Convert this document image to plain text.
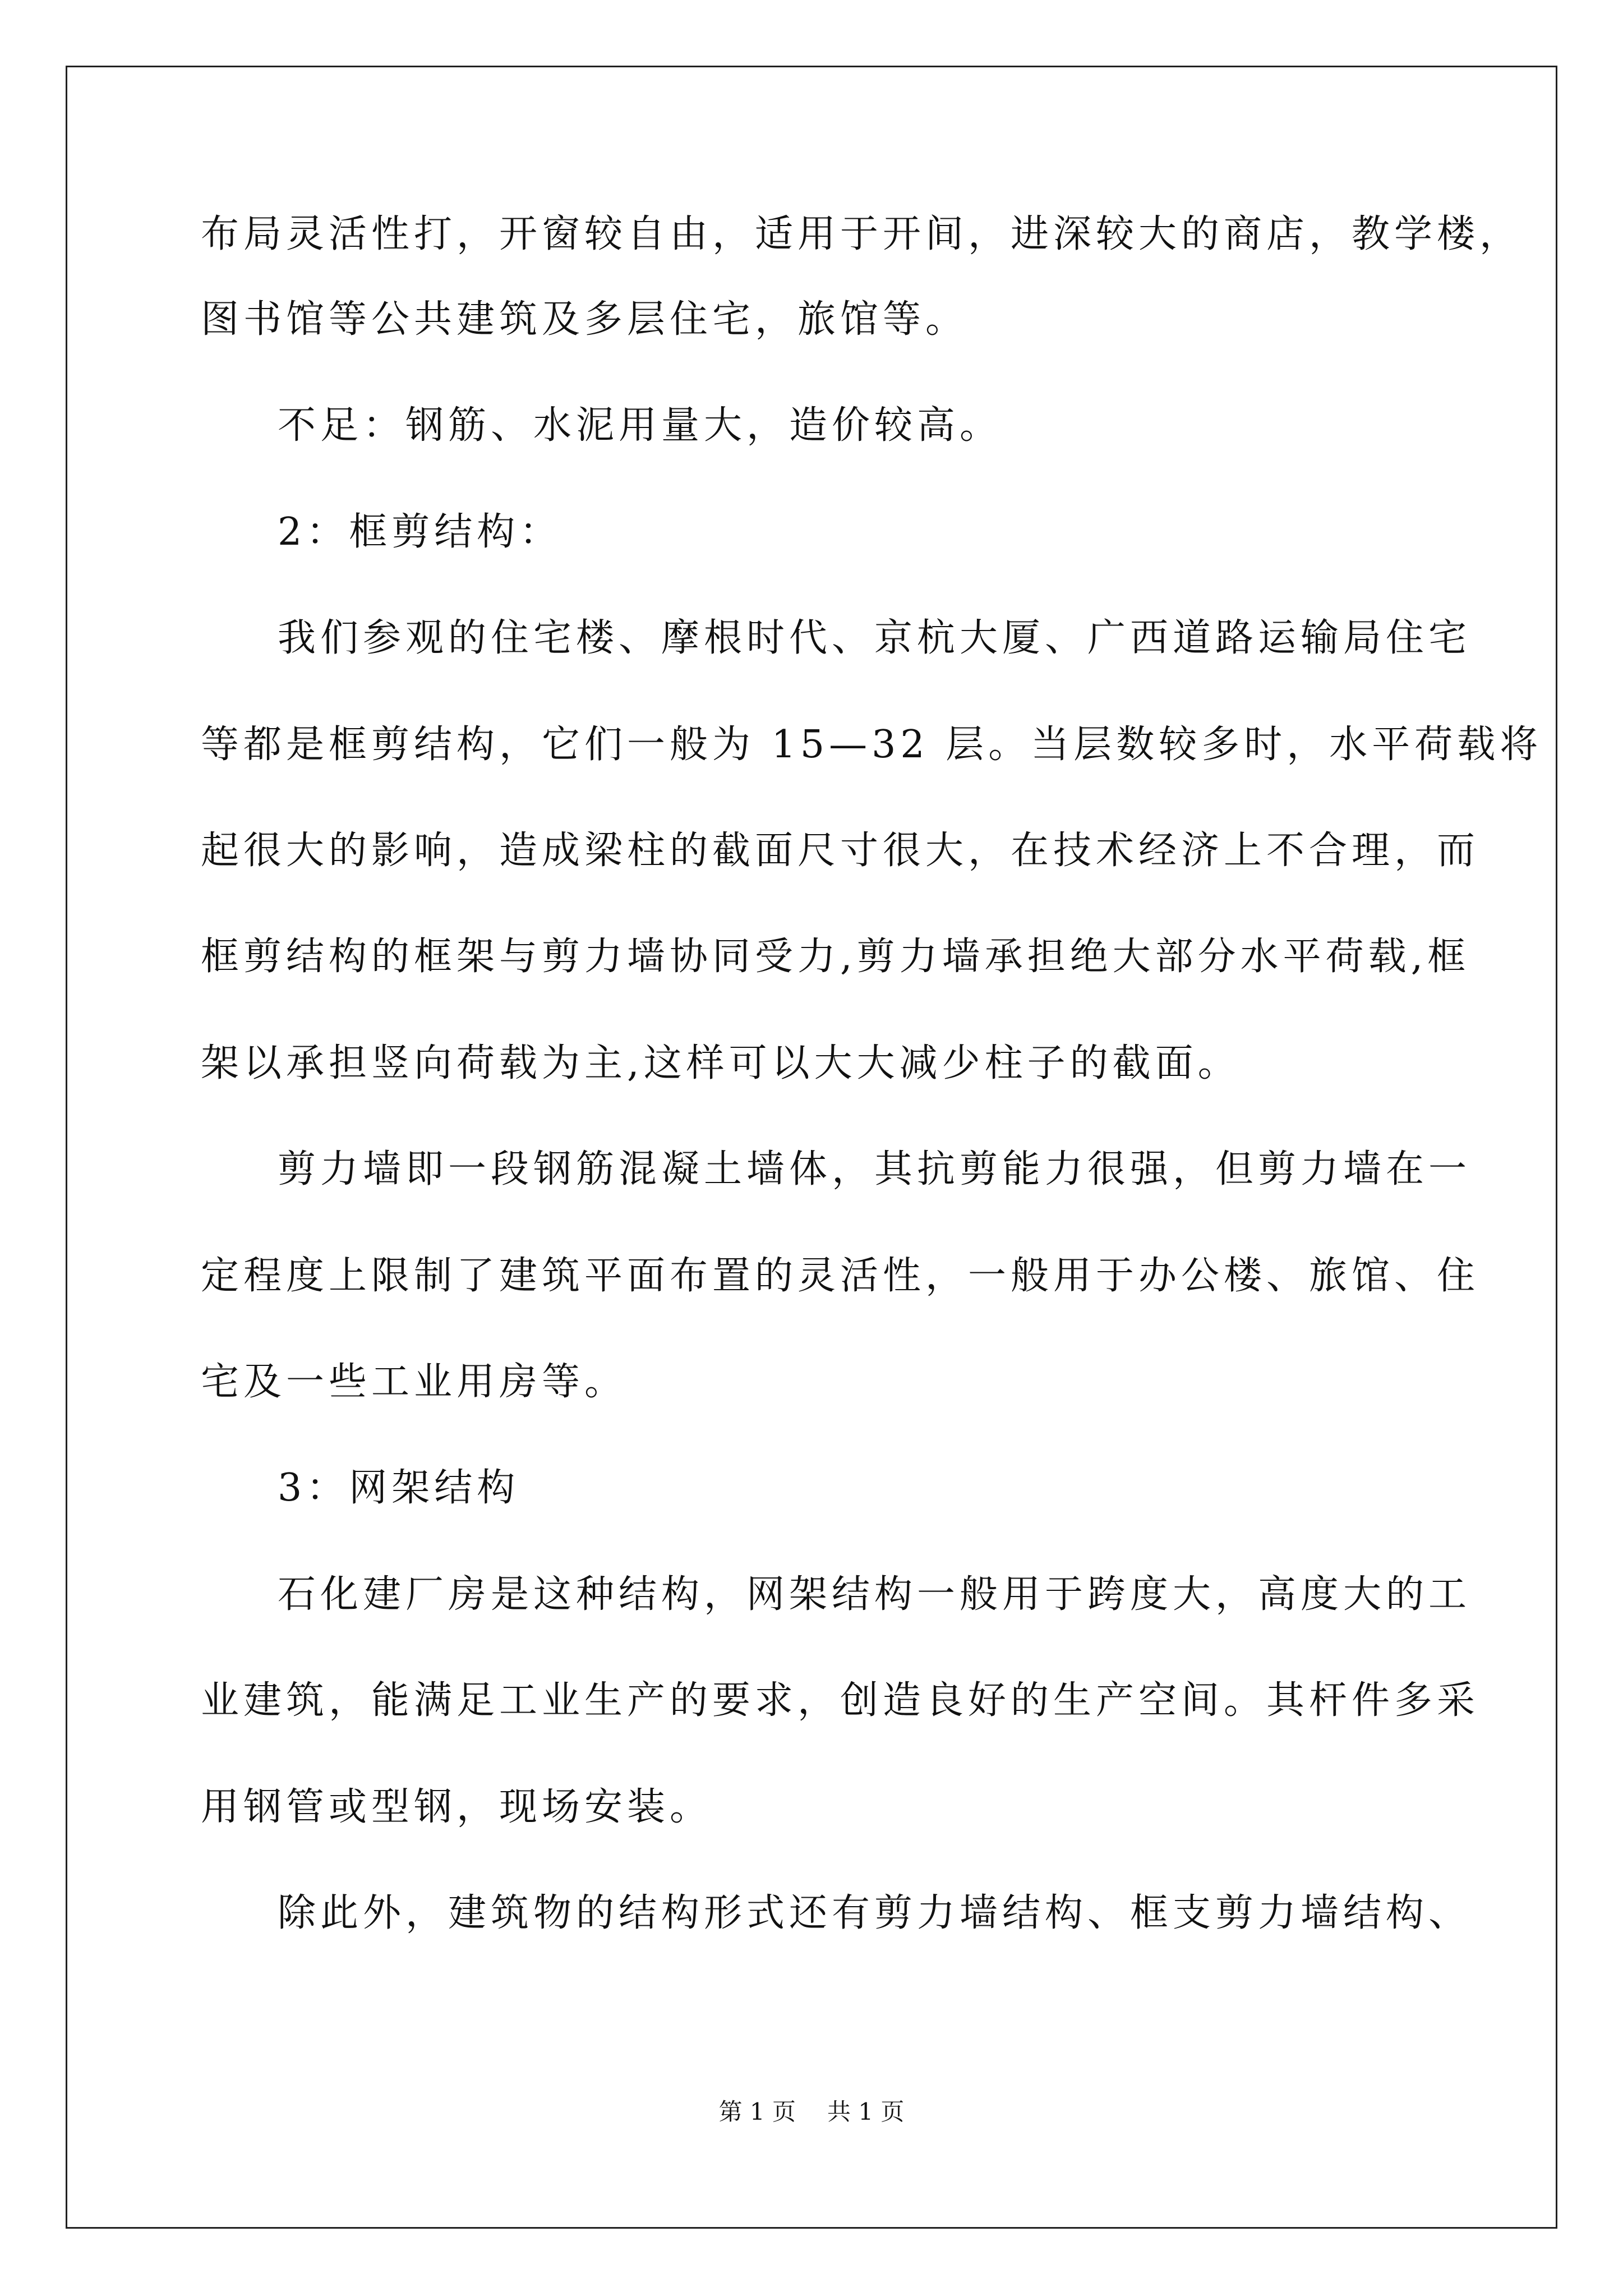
布局灵活性打，开窗较自由，适用于开间，进深较大的商店，教学楼，
图书馆等公共建筑及多层住宅，旅馆等。
不足：钢筋、水泥用量大，造价较高。
2：框剪结构：
我们参观的住宅楼、摩根时代、京杭大厦、广西道路运输局住宅
等都是框剪结构，它们一般为 15—32 层。当层数较多时，水平荷载将
起很大的影响，造成梁柱的截面尺寸很大，在技术经济上不合理，而
框剪结构的框架与剪力墙协同受力,剪力墙承担绝大部分水平荷载,框
架以承担竖向荷载为主,这样可以大大减少柱子的截面。
剪力墙即一段钢筋混凝土墙体，其抗剪能力很强，但剪力墙在一
定程度上限制了建筑平面布置的灵活性，一般用于办公楼、旅馆、住
宅及一些工业用房等。
3：网架结构
石化建厂房是这种结构，网架结构一般用于跨度大，高度大的工
业建筑，能满足工业生产的要求，创造良好的生产空间。其杆件多采
用钢管或型钢，现场安装。
除此外，建筑物的结构形式还有剪力墙结构、框支剪力墙结构、
第 1 页 共 1 页
